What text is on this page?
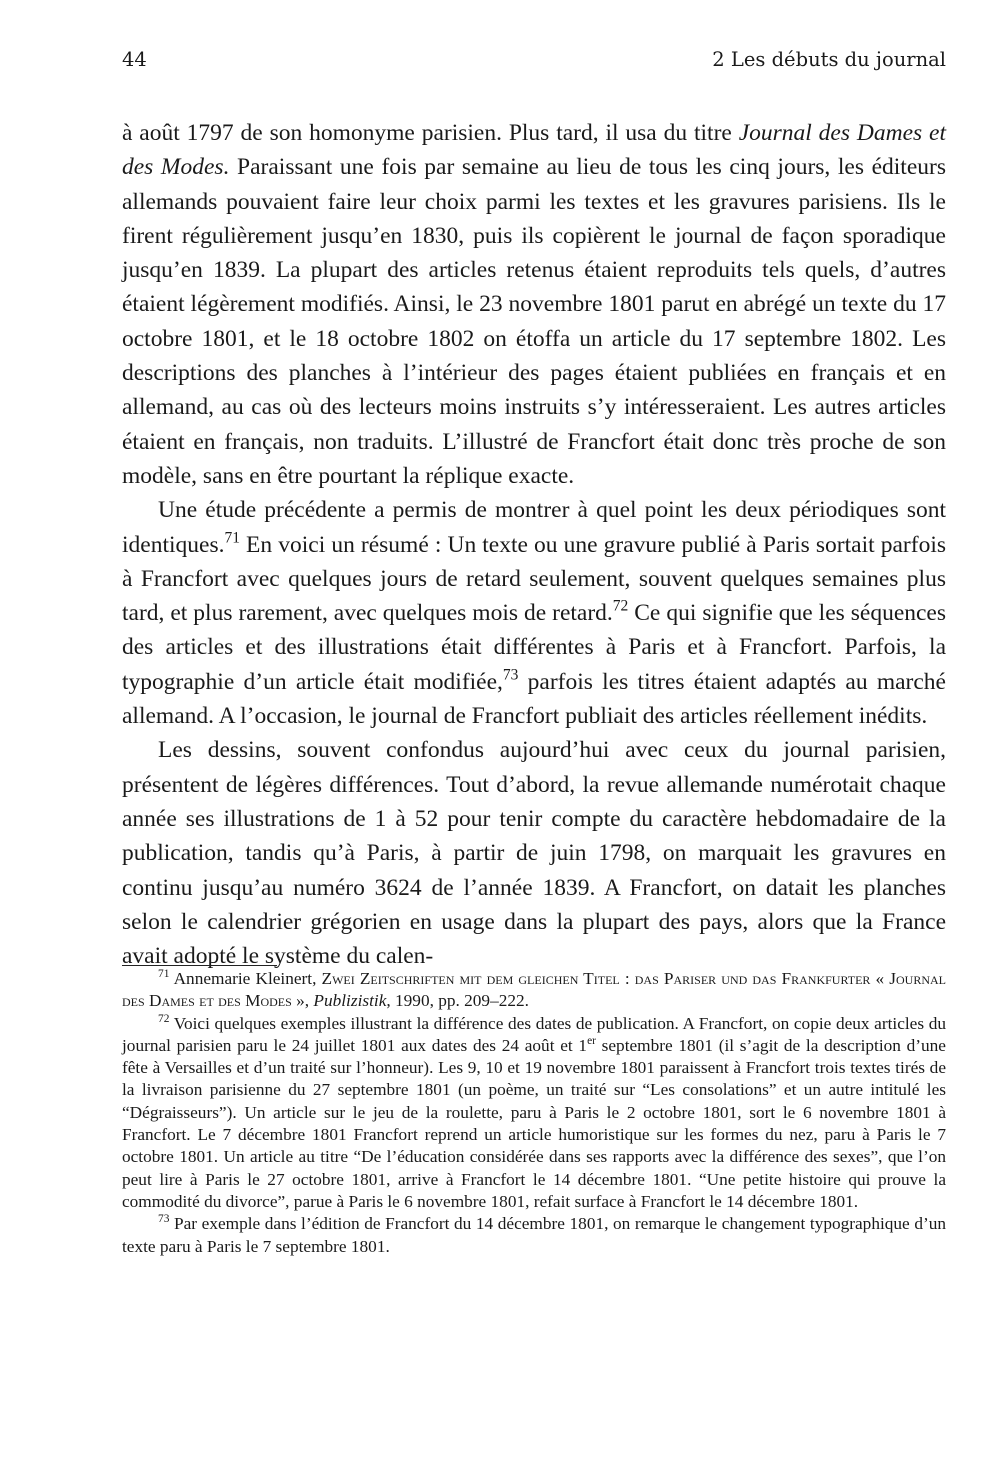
44	2 Les débuts du journal

à août 1797 de son homonyme parisien. Plus tard, il usa du titre Journal des Dames et des Modes. Paraissant une fois par semaine au lieu de tous les cinq jours, les éditeurs allemands pouvaient faire leur choix parmi les textes et les gravures parisiens. Ils le firent régulièrement jusqu’en 1830, puis ils copièrent le journal de façon sporadique jusqu’en 1839. La plupart des articles retenus étaient reproduits tels quels, d’autres étaient légèrement modifiés. Ainsi, le 23 novembre 1801 parut en abrégé un texte du 17 octobre 1801, et le 18 octobre 1802 on étoffa un article du 17 septembre 1802. Les descriptions des planches à l’intérieur des pages étaient publiées en français et en allemand, au cas où des lecteurs moins instruits s’y intéresseraient. Les autres articles étaient en français, non traduits. L’illustré de Francfort était donc très proche de son modèle, sans en être pourtant la réplique exacte.

Une étude précédente a permis de montrer à quel point les deux périodiques sont identiques.$^{71}$ En voici un résumé : Un texte ou une gravure publié à Paris sortait parfois à Francfort avec quelques jours de retard seulement, souvent quelques semaines plus tard, et plus rarement, avec quelques mois de retard.$^{72}$ Ce qui signifie que les séquences des articles et des illustrations était différentes à Paris et à Francfort. Parfois, la typographie d’un article était modifiée,$^{73}$ parfois les titres étaient adaptés au marché allemand. A l’occasion, le journal de Francfort publiait des articles réellement inédits.

Les dessins, souvent confondus aujourd’hui avec ceux du journal parisien, présentent de légères différences. Tout d’abord, la revue allemande numérotait chaque année ses illustrations de 1 à 52 pour tenir compte du caractère hebdomadaire de la publication, tandis qu’à Paris, à partir de juin 1798, on marquait les gravures en continu jusqu’au numéro 3624 de l’année 1839. A Francfort, on datait les planches selon le calendrier grégorien en usage dans la plupart des pays, alors que la France avait adopté le système du calen-

$^{71}$ Annemarie Kleinert, Zwei Zeitschriften mit dem gleichen Titel : das Pariser und das Frankfurter « Journal des Dames et des Modes », Publizistik, 1990, pp. 209–222.

$^{72}$ Voici quelques exemples illustrant la différence des dates de publication. A Francfort, on copie deux articles du journal parisien paru le 24 juillet 1801 aux dates des 24 août et 1er septembre 1801 (il s’agit de la description d’une fête à Versailles et d’un traité sur l’honneur). Les 9, 10 et 19 novembre 1801 paraissent à Francfort trois textes tirés de la livraison parisienne du 27 septembre 1801 (un poème, un traité sur “Les consolations” et un autre intitulé les “Dégraisseurs”). Un article sur le jeu de la roulette, paru à Paris le 2 octobre 1801, sort le 6 novembre 1801 à Francfort. Le 7 décembre 1801 Francfort reprend un article humoristique sur les formes du nez, paru à Paris le 7 octobre 1801. Un article au titre “De l’éducation considérée dans ses rapports avec la différence des sexes”, que l’on peut lire à Paris le 27 octobre 1801, arrive à Francfort le 14 décembre 1801. “Une petite histoire qui prouve la commodité du divorce”, parue à Paris le 6 novembre 1801, refait surface à Francfort le 14 décembre 1801.

$^{73}$ Par exemple dans l’édition de Francfort du 14 décembre 1801, on remarque le changement typographique d’un texte paru à Paris le 7 septembre 1801.
